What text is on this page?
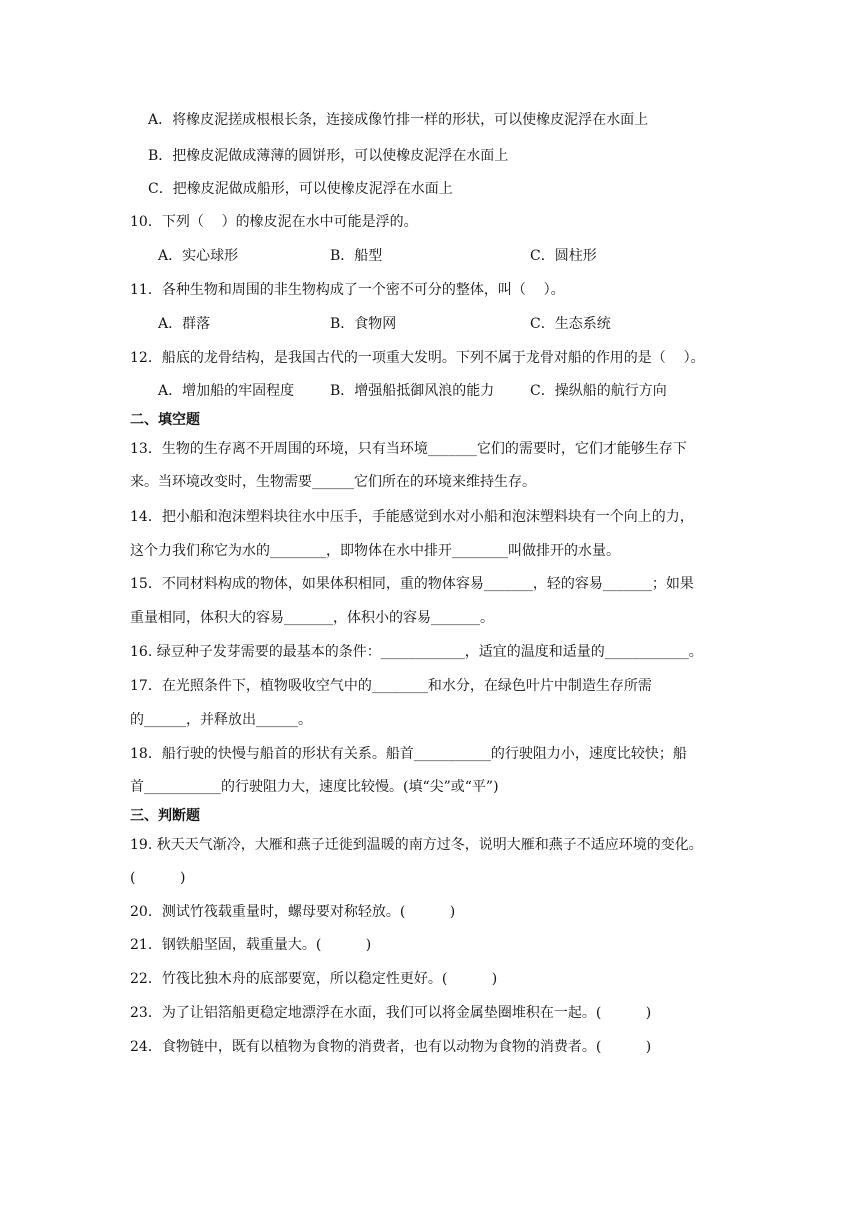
A．将橡皮泥搓成根根长条，连接成像竹排一样的形状，可以使橡皮泥浮在水面上
B．把橡皮泥做成薄薄的圆饼形，可以使橡皮泥浮在水面上
C．把橡皮泥做成船形，可以使橡皮泥浮在水面上
10．下列（    ）的橡皮泥在水中可能是浮的。
A．实心球形	B．船型	C．圆柱形
11．各种生物和周围的非生物构成了一个密不可分的整体，叫（    ）。
A．群落	B．食物网	C．生态系统
12．船底的龙骨结构，是我国古代的一项重大发明。下列不属于龙骨对船的作用的是（    ）。
A．增加船的牢固程度	B．增强船抵御风浪的能力	C．操纵船的航行方向
二、填空题
13．生物的生存离不开周围的环境，只有当环境_______它们的需要时，它们才能够生存下
来。当环境改变时，生物需要______它们所在的环境来维持生存。
14．把小船和泡沫塑料块往水中压手，手能感觉到水对小船和泡沫塑料块有一个向上的力，
这个力我们称它为水的________，即物体在水中排开________叫做排开的水量。
15．不同材料构成的物体，如果体积相同，重的物体容易_______，轻的容易_______；如果
重量相同，体积大的容易_______，体积小的容易_______。
16. 绿豆种子发芽需要的最基本的条件：____________，适宜的温度和适量的____________。
17．在光照条件下，植物吸收空气中的________和水分，在绿色叶片中制造生存所需
的______，并释放出______。
18．船行驶的快慢与船首的形状有关系。船首___________的行驶阻力小，速度比较快；船
首___________的行驶阻力大，速度比较慢。(填“尖”或“平”)
三、判断题
19. 秋天天气渐冷，大雁和燕子迁徙到温暖的南方过冬，说明大雁和燕子不适应环境的变化。
(          )
20．测试竹筏载重量时，螺母要对称轻放。(          )
21．钢铁船坚固，载重量大。(          )
22．竹筏比独木舟的底部要宽，所以稳定性更好。(          )
23．为了让铝箔船更稳定地漂浮在水面，我们可以将金属垫圈堆积在一起。(          )
24．食物链中，既有以植物为食物的消费者，也有以动物为食物的消费者。(          )
